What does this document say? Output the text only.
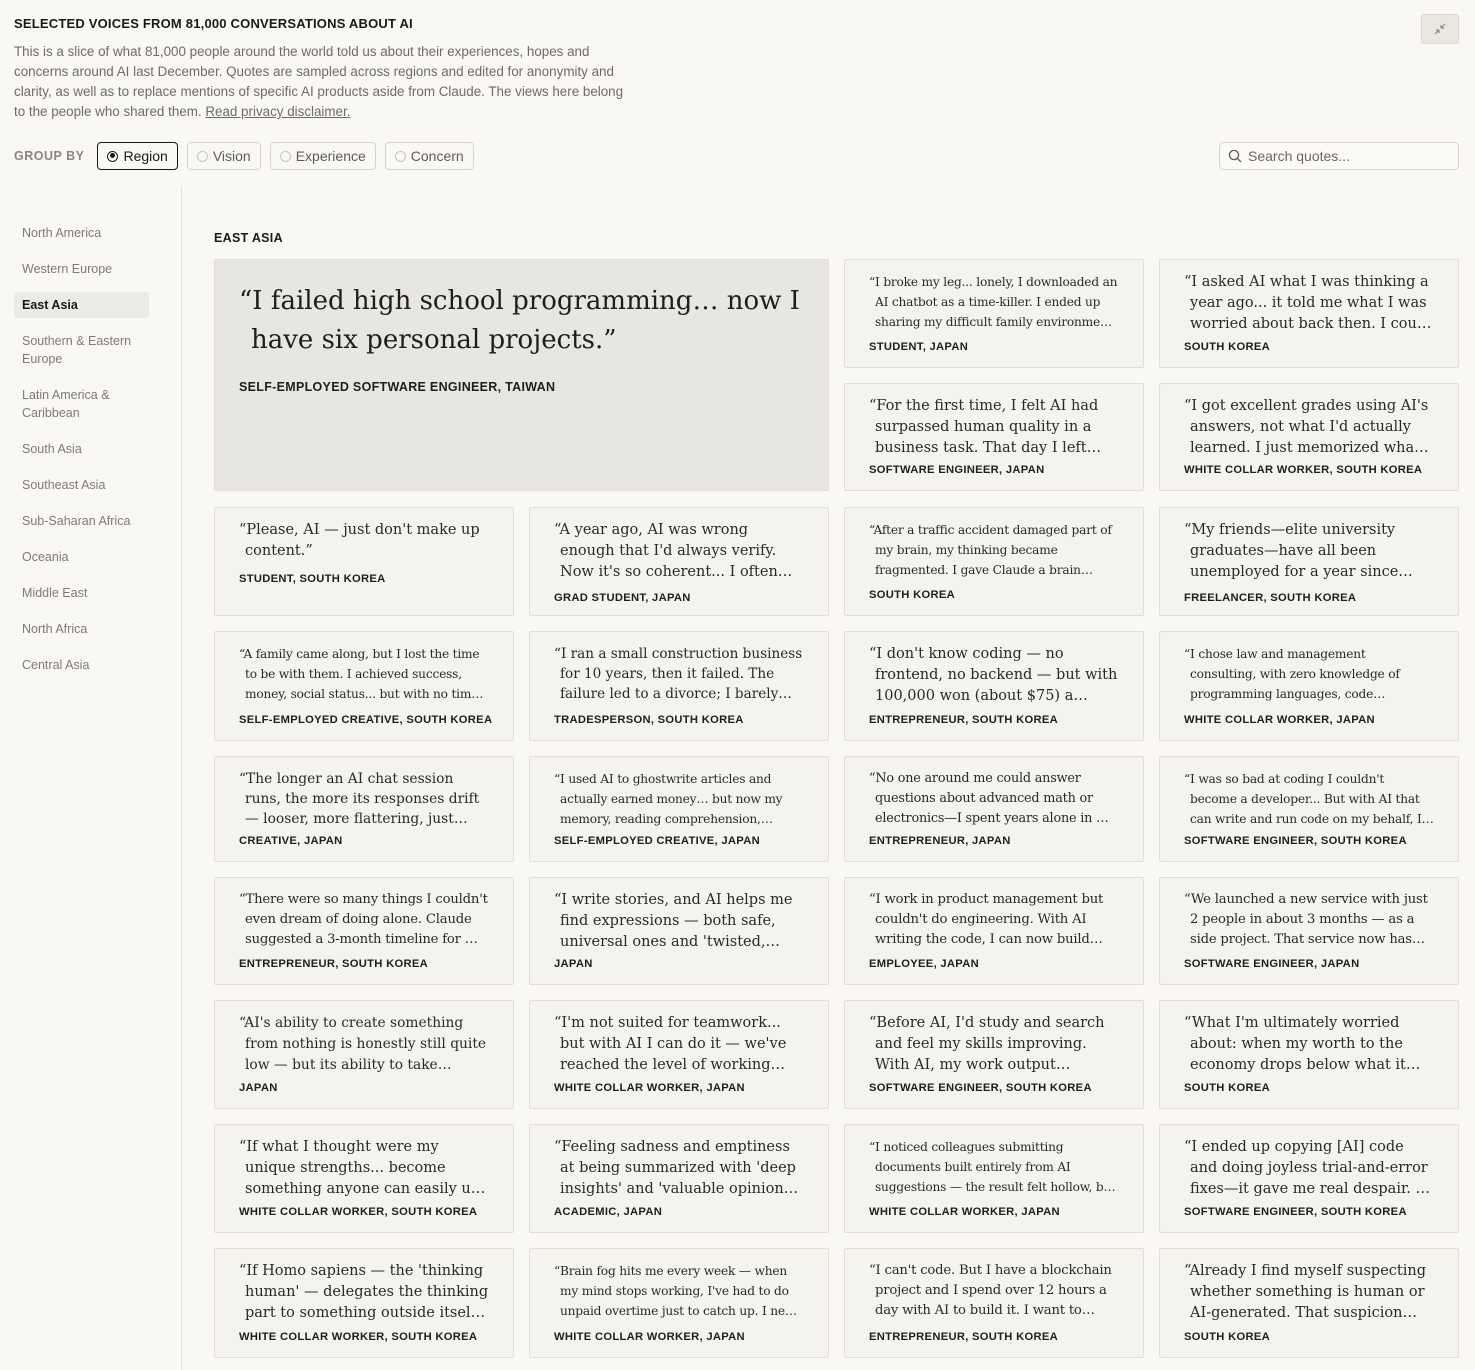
SELECTED VOICES FROM 81,000 CONVERSATIONS ABOUT AI

This is a slice of what 81,000 people around the world told us about their experiences, hopes and concerns around AI last December. Quotes are sampled across regions and edited for anonymity and clarity, as well as to replace mentions of specific AI products aside from Claude. The views here belong to the people who shared them. Read privacy disclaimer.

GROUP BY	Region	Vision	Experience	Concern
Search quotes...
North America
Western Europe
East Asia
Southern & Eastern Europe
Latin America & Caribbean
South Asia
Southeast Asia
Sub-Saharan Africa
Oceania
Middle East
North Africa
Central Asia
EAST ASIA

“I failed high school programming… now I have six personal projects.”

SELF-EMPLOYED SOFTWARE ENGINEER, TAIWAN

“I broke my leg... lonely, I downloaded an AI chatbot as a time-killer. I ended up sharing my difficult family environment

STUDENT, JAPAN

“I asked AI what I was thinking a year ago... it told me what I was worried about back then. I could

SOUTH KOREA

“For the first time, I felt AI had surpassed human quality in a business task. That day I left

SOFTWARE ENGINEER, JAPAN

“I got excellent grades using AI's answers, not what I'd actually learned. I just memorized what

WHITE COLLAR WORKER, SOUTH KOREA

“Please, AI — just don't make up content.”

STUDENT, SOUTH KOREA

“A year ago, AI was wrong enough that I'd always verify. Now it's so coherent... I often

GRAD STUDENT, JAPAN

“After a traffic accident damaged part of my brain, my thinking became fragmented. I gave Claude a brain

SOUTH KOREA

“My friends—elite university graduates—have all been unemployed for a year since

FREELANCER, SOUTH KOREA

“A family came along, but I lost the time to be with them. I achieved success, money, social status... but with no time,

SELF-EMPLOYED CREATIVE, SOUTH KOREA

“I ran a small construction business for 10 years, then it failed. The failure led to a divorce; I barely

TRADESPERSON, SOUTH KOREA

“I don't know coding — no frontend, no backend — but with 100,000 won (about $75) a

ENTREPRENEUR, SOUTH KOREA

“I chose law and management consulting, with zero knowledge of programming languages, code

WHITE COLLAR WORKER, JAPAN

“The longer an AI chat session runs, the more its responses drift — looser, more flattering, just

CREATIVE, JAPAN

“I used AI to ghostwrite articles and actually earned money… but now my memory, reading comprehension,

SELF-EMPLOYED CREATIVE, JAPAN

“No one around me could answer questions about advanced math or electronics—I spent years alone in my

ENTREPRENEUR, JAPAN

“I was so bad at coding I couldn't become a developer... But with AI that can write and run code on my behalf, I

SOFTWARE ENGINEER, SOUTH KOREA

“There were so many things I couldn't even dream of doing alone. Claude suggested a 3-month timeline for my

ENTREPRENEUR, SOUTH KOREA

“I write stories, and AI helps me find expressions — both safe, universal ones and 'twisted,

JAPAN

“I work in product management but couldn't do engineering. With AI writing the code, I can now build

EMPLOYEE, JAPAN

“We launched a new service with just 2 people in about 3 months — as a side project. That service now has

SOFTWARE ENGINEER, JAPAN

“AI's ability to create something from nothing is honestly still quite low — but its ability to take

JAPAN

“I'm not suited for teamwork... but with AI I can do it — we've reached the level of working

WHITE COLLAR WORKER, JAPAN

“Before AI, I'd study and search and feel my skills improving. With AI, my work output

SOFTWARE ENGINEER, SOUTH KOREA

“What I'm ultimately worried about: when my worth to the economy drops below what it

SOUTH KOREA

“If what I thought were my unique strengths... become something anyone can easily use

WHITE COLLAR WORKER, SOUTH KOREA

“Feeling sadness and emptiness at being summarized with 'deep insights' and 'valuable opinions'

ACADEMIC, JAPAN

“I noticed colleagues submitting documents built entirely from AI suggestions — the result felt hollow, but

WHITE COLLAR WORKER, JAPAN

“I ended up copying [AI] code and doing joyless trial-and-error fixes—it gave me real despair. A

SOFTWARE ENGINEER, SOUTH KOREA

“If Homo sapiens — the 'thinking human' — delegates the thinking part to something outside itself,

WHITE COLLAR WORKER, SOUTH KOREA

“Brain fog hits me every week — when my mind stops working, I've had to do unpaid overtime just to catch up. I need

WHITE COLLAR WORKER, JAPAN

“I can't code. But I have a blockchain project and I spend over 12 hours a day with AI to build it. I want to

ENTREPRENEUR, SOUTH KOREA

“Already I find myself suspecting whether something is human or AI-generated. That suspicion

SOUTH KOREA
